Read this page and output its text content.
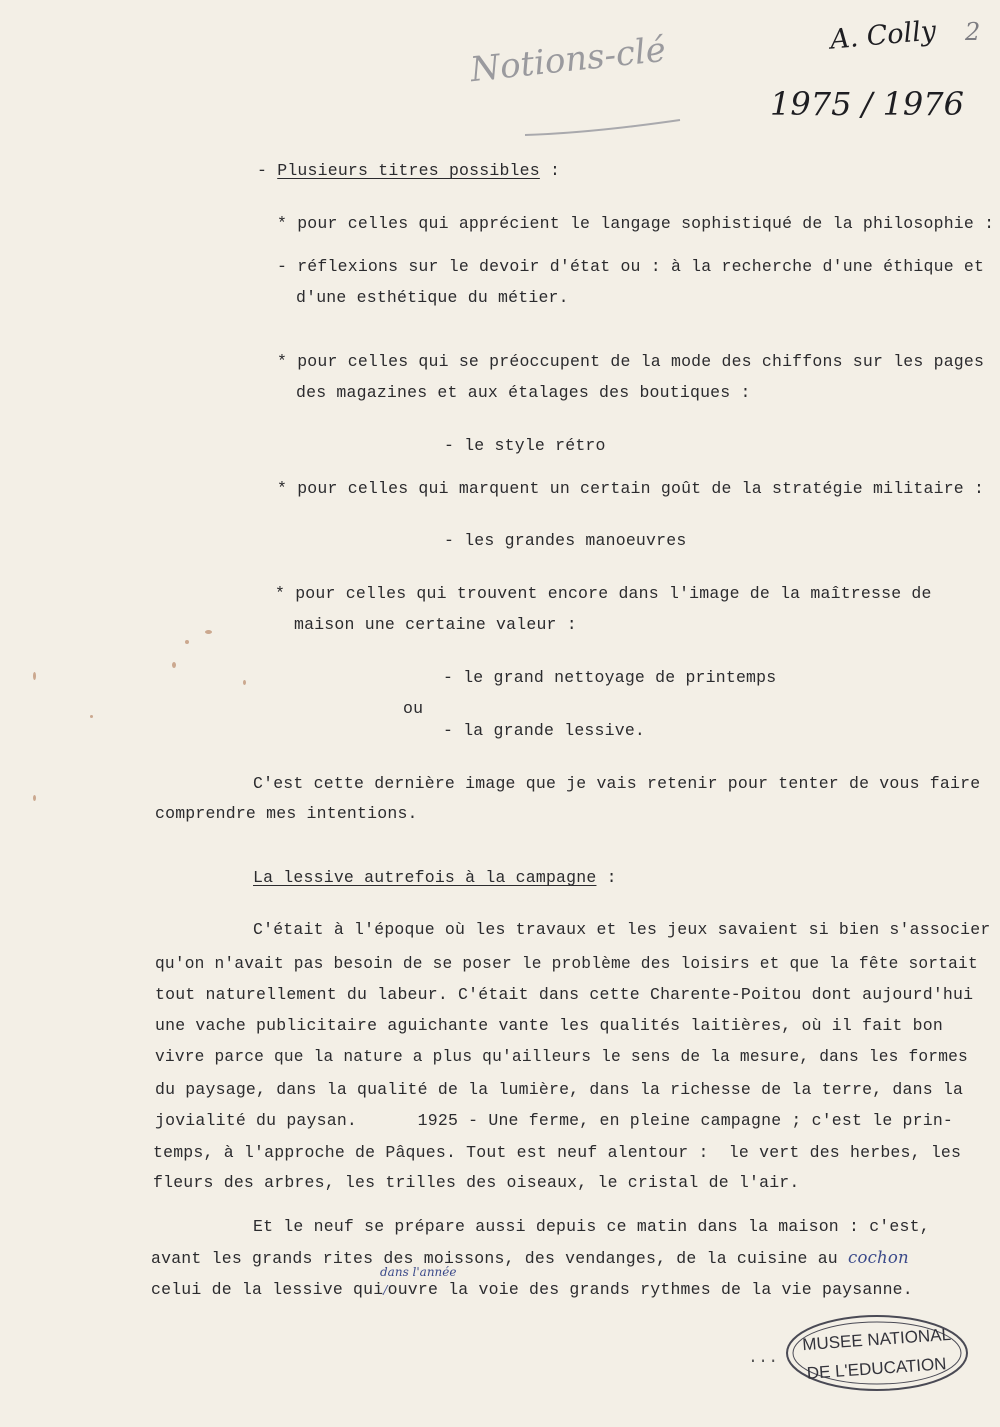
Notions-clé	A. Colly 2
1975 / 1976
- Plusieurs titres possibles :
* pour celles qui apprécient le langage sophistiqué de la philosophie :
- réflexions sur le devoir d'état ou : à la recherche d'une éthique et
d'une esthétique du métier.
* pour celles qui se préoccupent de la mode des chiffons sur les pages
des magazines et aux étalages des boutiques :
- le style rétro
* pour celles qui marquent un certain goût de la stratégie militaire :
- les grandes manoeuvres
* pour celles qui trouvent encore dans l'image de la maîtresse de
maison une certaine valeur :
- le grand nettoyage de printemps
ou
- la grande lessive.
C'est cette dernière image que je vais retenir pour tenter de vous faire
comprendre mes intentions.
La lessive autrefois à la campagne :
C'était à l'époque où les travaux et les jeux savaient si bien s'associer
qu'on n'avait pas besoin de se poser le problème des loisirs et que la fête sortait
tout naturellement du labeur. C'était dans cette Charente-Poitou dont aujourd'hui
une vache publicitaire aguichante vante les qualités laitières, où il fait bon
vivre parce que la nature a plus qu'ailleurs le sens de la mesure, dans les formes
du paysage, dans la qualité de la lumière, dans la richesse de la terre, dans la
jovialité du paysan.      1925 - Une ferme, en pleine campagne ; c'est le prin-
temps, à l'approche de Pâques. Tout est neuf alentour :  le vert des herbes, les
fleurs des arbres, les trilles des oiseaux, le cristal de l'air.
Et le neuf se prépare aussi depuis ce matin dans la maison : c'est,
avant les grands rites des moissons, des vendanges, de la cuisine au cochon
dans l'année
celui de la lessive qui/ouvre la voie des grands rythmes de la vie paysanne.
...
MUSEE NATIONAL
DE L'EDUCATION
